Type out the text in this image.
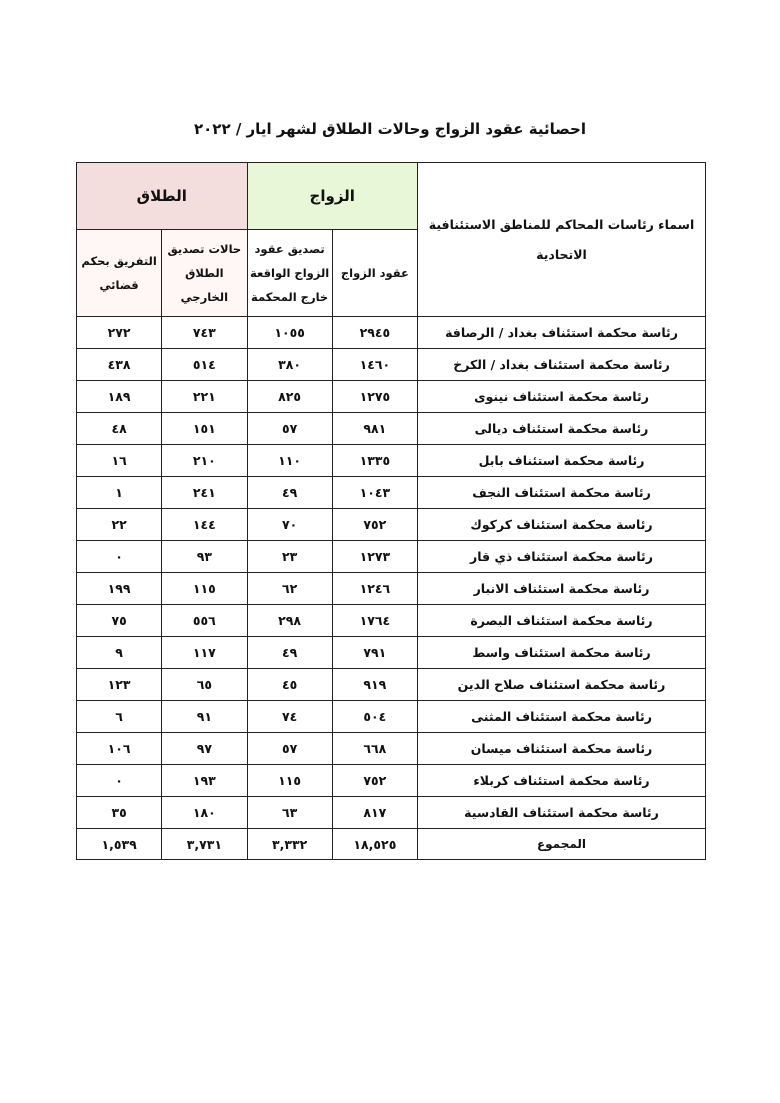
احصائية عقود الزواج وحالات الطلاق لشهر ايار / ٢٠٢٢
اسماء رئاسات المحاكم للمناطق الاستئنافية الاتحادية	الزواج		الطلاق	
	عقود الزواج	تصديق عقود الزواج الواقعة خارج المحكمة	حالات تصديق الطلاق الخارجي	التفريق بحكم قضائي
رئاسة محكمة استئناف بغداد / الرصافة	٢٩٤٥	١٠٥٥	٧٤٣	٢٧٢
رئاسة محكمة استئناف بغداد / الكرخ	١٤٦٠	٣٨٠	٥١٤	٤٣٨
رئاسة محكمة استئناف نينوى	١٢٧٥	٨٢٥	٢٢١	١٨٩
رئاسة محكمة استئناف ديالى	٩٨١	٥٧	١٥١	٤٨
رئاسة محكمة استئناف بابل	١٣٣٥	١١٠	٢١٠	١٦
رئاسة محكمة استئناف النجف	١٠٤٣	٤٩	٢٤١	١
رئاسة محكمة استئناف كركوك	٧٥٢	٧٠	١٤٤	٢٢
رئاسة محكمة استئناف ذي قار	١٢٧٣	٢٣	٩٣	٠
رئاسة محكمة استئناف الانبار	١٢٤٦	٦٢	١١٥	١٩٩
رئاسة محكمة استئناف البصرة	١٧٦٤	٢٩٨	٥٥٦	٧٥
رئاسة محكمة استئناف واسط	٧٩١	٤٩	١١٧	٩
رئاسة محكمة استئناف صلاح الدين	٩١٩	٤٥	٦٥	١٢٣
رئاسة محكمة استئناف المثنى	٥٠٤	٧٤	٩١	٦
رئاسة محكمة استئناف ميسان	٦٦٨	٥٧	٩٧	١٠٦
رئاسة محكمة استئناف كربلاء	٧٥٢	١١٥	١٩٣	٠
رئاسة محكمة استئناف القادسية	٨١٧	٦٣	١٨٠	٣٥
المجموع	١٨,٥٢٥	٣,٣٣٢	٣,٧٣١	١,٥٣٩
